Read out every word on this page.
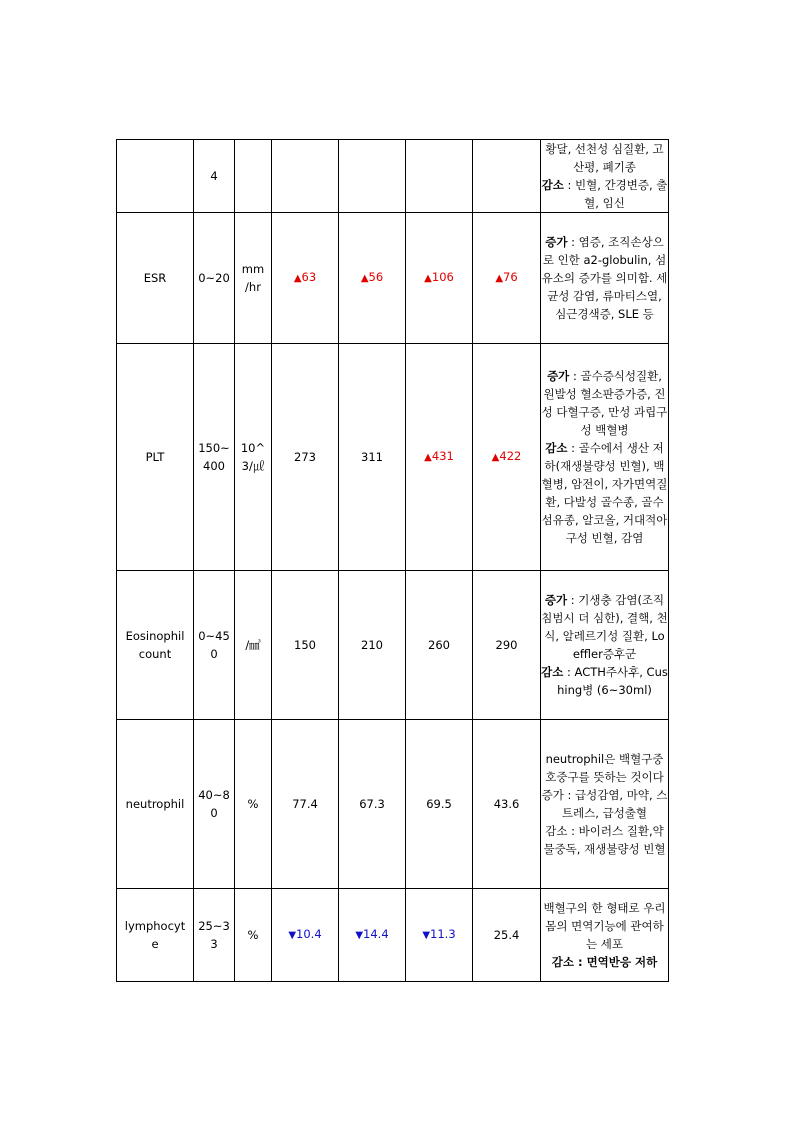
	4						황달, 선천성 심질환, 고산평, 폐기종
감소 : 빈혈, 간경변증, 출혈, 임신

ESR	0~20	mm /hr	▲63	▲56	▲106	▲76	증가 : 염증, 조직손상으로 인한 a2-globulin, 섬유소의 증가를 의미함. 세균성 감염, 류마티스열, 심근경색증, SLE 등

PLT	150~ 400	10^ 3/㎕	273	311	▲431	▲422	증가 : 골수증식성질환, 원발성 혈소판증가증, 진성 다혈구증, 만성 과립구성 백혈병
감소 : 골수에서 생산 저하(재생불량성 빈혈), 백혈병, 암전이, 자가면역질환, 다발성 골수종, 골수섬유종, 알코올, 거대적아구성 빈혈, 감염

Eosinophil count	0~45 0	/㎣	150	210	260	290	증가 : 기생충 감염(조직침범시 더 심한), 결핵, 천식, 알레르기성 질환, Loeffler증후군
감소 : ACTH주사후, Cushing병 (6~30ml)

neutrophil	40~8 0	%	77.4	67.3	69.5	43.6	neutrophil은 백혈구중 호중구를 뜻하는 것이다
증가 : 급성감염, 마약, 스트레스, 급성출혈
감소 : 바이러스 질환,약물중독, 재생불량성 빈혈

lymphocyt e	25~3 3	%	▼10.4	▼14.4	▼11.3	25.4	백혈구의 한 형태로 우리 몸의 면역기능에 관여하는 세포
감소 : 면역반응 저하
